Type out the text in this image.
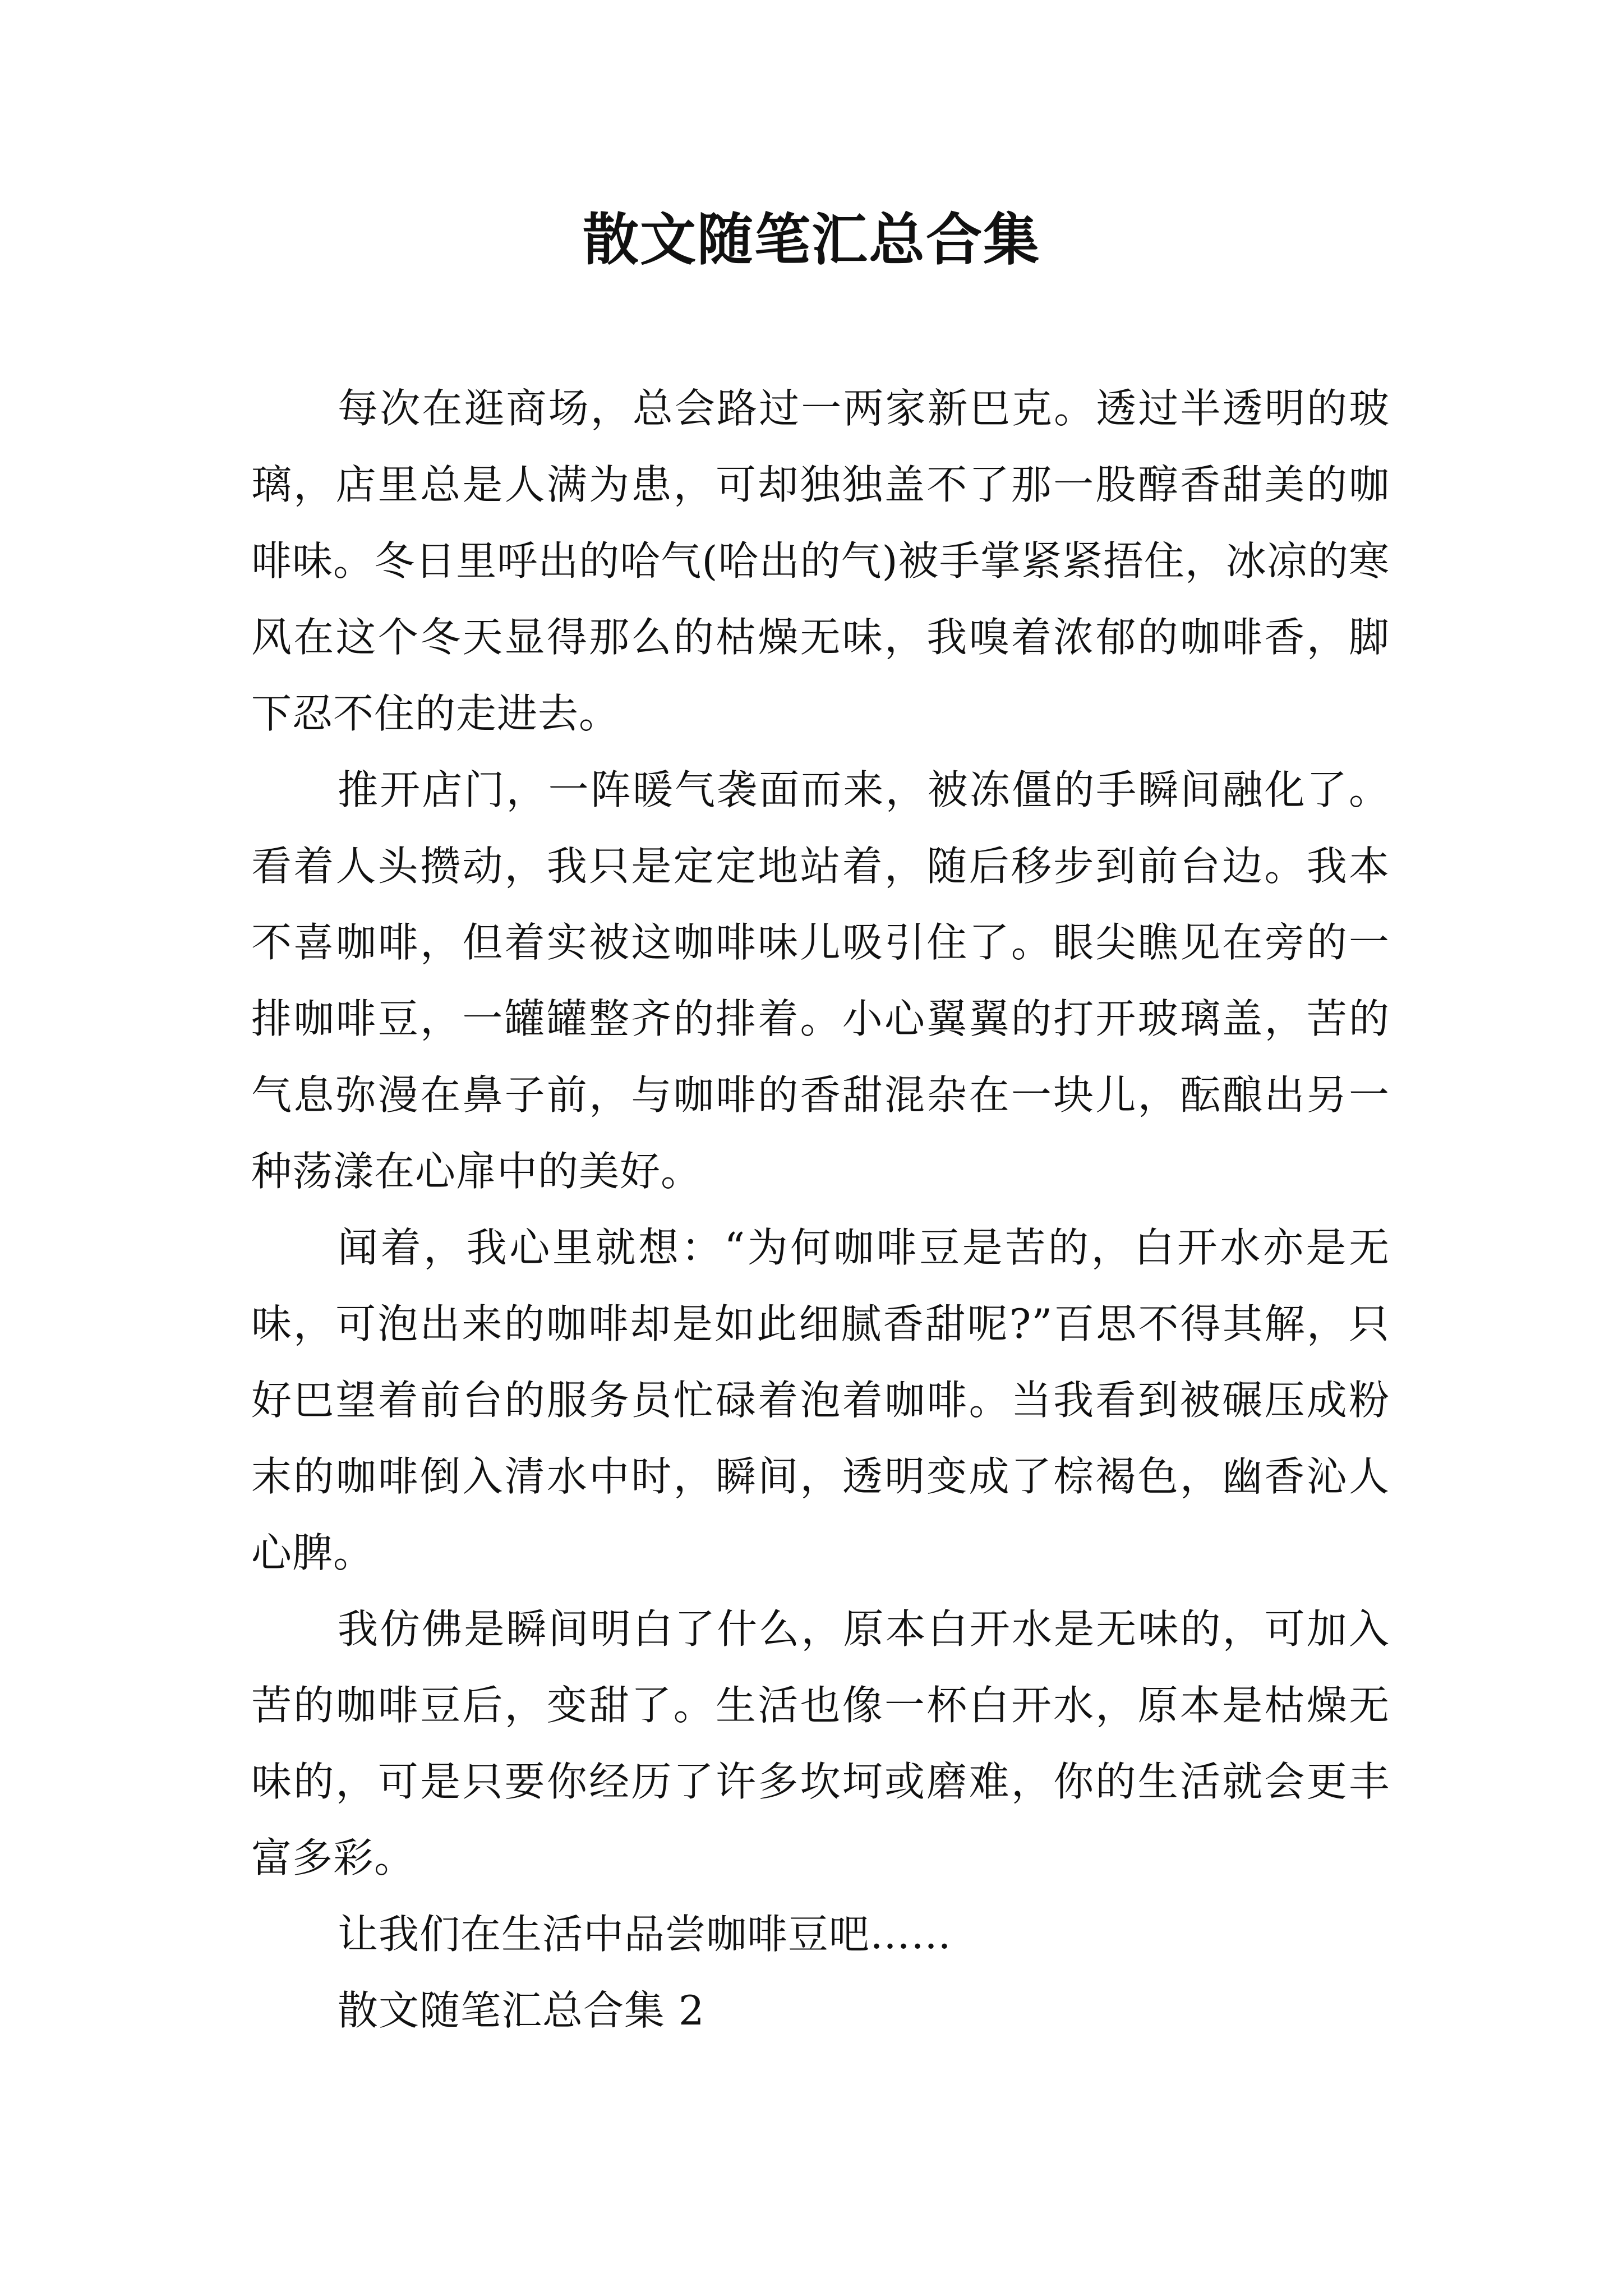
散文随笔汇总合集

每次在逛商场，总会路过一两家新巴克。透过半透明的玻璃，店里总是人满为患，可却独独盖不了那一股醇香甜美的咖啡味。冬日里呼出的哈气(哈出的气)被手掌紧紧捂住，冰凉的寒风在这个冬天显得那么的枯燥无味，我嗅着浓郁的咖啡香，脚下忍不住的走进去。

推开店门，一阵暖气袭面而来，被冻僵的手瞬间融化了。看着人头攒动，我只是定定地站着，随后移步到前台边。我本不喜咖啡，但着实被这咖啡味儿吸引住了。眼尖瞧见在旁的一排咖啡豆，一罐罐整齐的排着。小心翼翼的打开玻璃盖，苦的气息弥漫在鼻子前，与咖啡的香甜混杂在一块儿，酝酿出另一种荡漾在心扉中的美好。

闻着，我心里就想：“为何咖啡豆是苦的，白开水亦是无味，可泡出来的咖啡却是如此细腻香甜呢?”百思不得其解，只好巴望着前台的服务员忙碌着泡着咖啡。当我看到被碾压成粉末的咖啡倒入清水中时，瞬间，透明变成了棕褐色，幽香沁人心脾。

我仿佛是瞬间明白了什么，原本白开水是无味的，可加入苦的咖啡豆后，变甜了。生活也像一杯白开水，原本是枯燥无味的，可是只要你经历了许多坎坷或磨难，你的生活就会更丰富多彩。

让我们在生活中品尝咖啡豆吧……

散文随笔汇总合集 2
